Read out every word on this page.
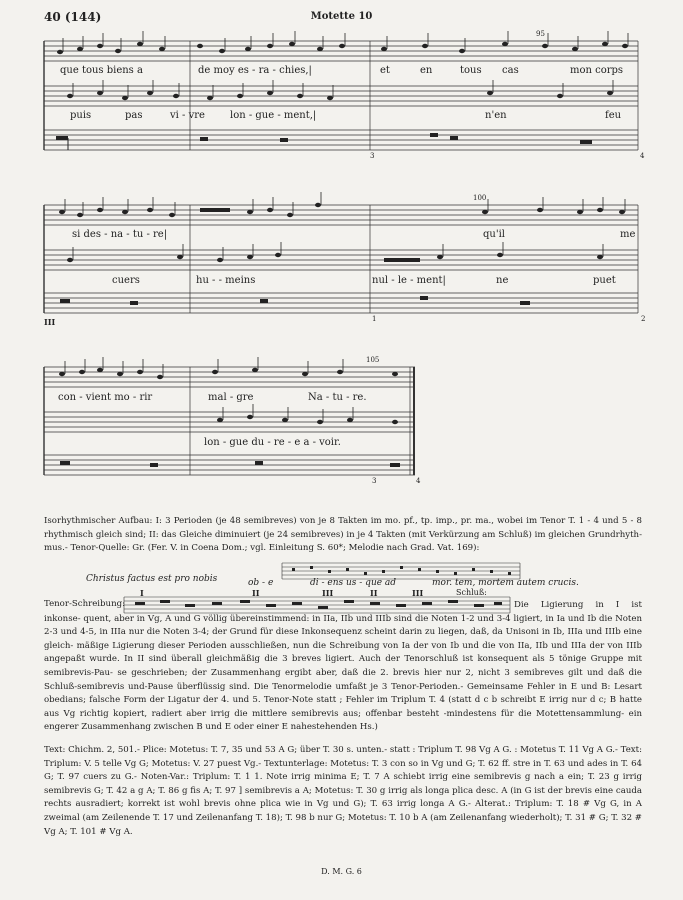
40 (144)	Motette 10
95
que tous biens a	de moy es - ra - chies,|	et	en	tous cas	mon corps
puis	pas	vi - vre	lon - gue - ment,|	n'en	feu
3	4
100
si des - na - tu - re|	qu'il	me
cuers	hu - - meins	nul - le - ment|	ne	puet
III	1	2
105
con - vient mo - rir	mal - gre	Na - tu - re.
lon - gue du - re - e a - voir.
3	4

Isorhythmischer Aufbau: I: 3 Perioden (je 48 semibreves) von je 8 Takten im mo. pf., tp. imp., pr. ma., wobei im Tenor T. 1 - 4 und 5 - 8 rhythmisch gleich sind; II: das Gleiche diminuiert (je 24 semibreves) in je 4 Takten (mit Verkürzung am Schluß) im gleichen Grundrhyth- mus.- Tenor-Quelle: Gr. (Fer. V. in Coena Dom.; vgl. Einleitung S. 60*; Melodie nach Grad. Vat. 169):

Christus factus est pro nobis	ob - e	di - ens us - que ad	mor. tem, mortem autem crucis.
I	II	III	II	III	Schluß:
Tenor-Schreibung:	Die Ligierung in I ist inkonse- quent, aber in Vg, A und G völlig übereinstimmend: in IIa, IIb und IIIb sind die Noten 1-2 und 3-4 ligiert, in Ia und Ib die Noten 2-3 und 4-5, in IIIa nur die Noten 3-4; der Grund für diese Inkonsequenz scheint darin zu liegen, daß, da Unisoni in Ib, IIIa und IIIb eine gleich- mäßige Ligierung dieser Perioden ausschließen, nun die Schreibung von Ia der von Ib und die von IIa, IIb und IIIa der von IIIb angepaßt wurde. In II sind überall gleichmäßig die 3 breves ligiert. Auch der Tenorschluß ist konsequent als 5 tönige Gruppe mit semibrevis-Pau- se geschrieben; der Zusammenhang ergibt aber, daß die 2. brevis hier nur 2, nicht 3 semibreves gilt und daß die Schluß-semibrevis und-Pause überflüssig sind. Die Tenormelodie umfaßt je 3 Tenor-Perioden.- Gemeinsame Fehler in E und B: Lesart obedians; falsche Form der Ligatur der 4. und 5. Tenor-Note statt ; Fehler im Triplum T. 4 (statt d c b schreibt E irrig nur d c; B hatte aus Vg richtig kopiert, radiert aber irrig die mittlere semibrevis aus; offenbar besteht -mindestens für die Motettensammlung- ein engerer Zusammenhang zwischen B und E oder einer E nahestehenden Hs.)

Text: Chichm. 2, 501.- Plice: Motetus: T. 7, 35 und 53 A G; über T. 30 s. unten.- statt : Triplum T. 98 Vg A G. : Motetus T. 11 Vg A G.- Text: Triplum: V. 5 telle Vg G; Motetus: V. 27 puest Vg.- Textunterlage: Motetus: T. 3 con so in Vg und G; T. 62 ff. stre in T. 63 und ades in T. 64 G; T. 97 cuers zu G.- Noten-Var.: Triplum: T. 1 1. Note irrig minima E; T. 7 A schiebt irrig eine semibrevis g nach a ein; T. 23 g irrig semibrevis G; T. 42 a g A; T. 86 g fis A; T. 97 ] semibrevis a A; Motetus: T. 30 g irrig als longa plica desc. A (in G ist der brevis eine cauda rechts ausradiert; korrekt ist wohl brevis ohne plica wie in Vg und G); T. 63 irrig longa A G.- Alterat.: Triplum: T. 18 # Vg G, in A zweimal (am Zeilenende T. 17 und Zeilenanfang T. 18); T. 98 b nur G; Motetus: T. 10 b A (am Zeilenanfang wiederholt); T. 31 # G; T. 32 # Vg A; T. 101 # Vg A.

D. M. G. 6
